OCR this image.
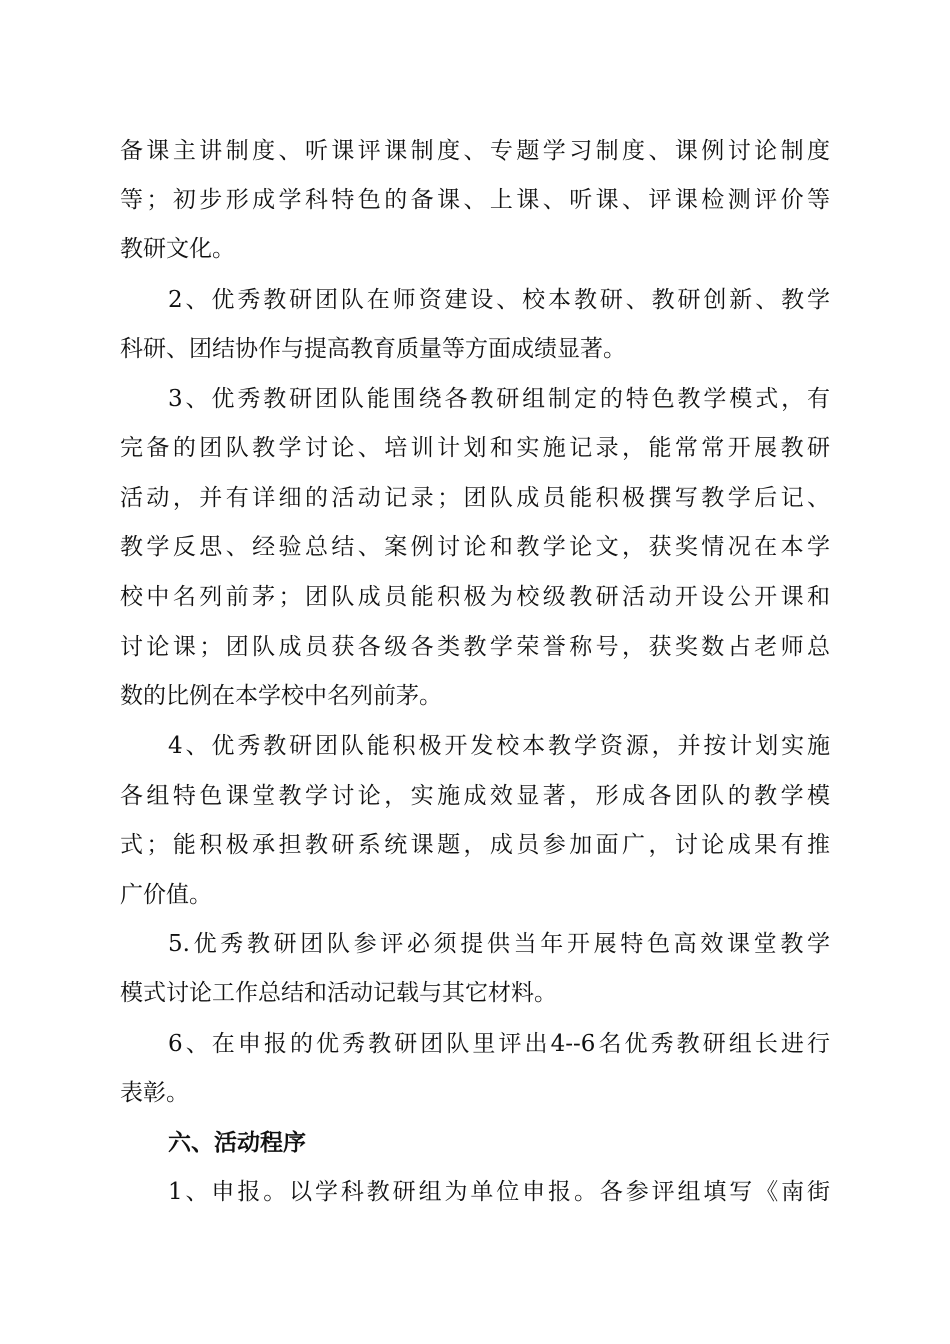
备课主讲制度、听课评课制度、专题学习制度、课例讨论制度
等；初步形成学科特色的备课、上课、听课、评课检测评价等
教研文化。
2、优秀教研团队在师资建设、校本教研、教研创新、教学
科研、团结协作与提高教育质量等方面成绩显著。
3、优秀教研团队能围绕各教研组制定的特色教学模式，有
完备的团队教学讨论、培训计划和实施记录，能常常开展教研
活动，并有详细的活动记录；团队成员能积极撰写教学后记、
教学反思、经验总结、案例讨论和教学论文，获奖情况在本学
校中名列前茅；团队成员能积极为校级教研活动开设公开课和
讨论课；团队成员获各级各类教学荣誉称号，获奖数占老师总
数的比例在本学校中名列前茅。
4、优秀教研团队能积极开发校本教学资源，并按计划实施
各组特色课堂教学讨论，实施成效显著，形成各团队的教学模
式；能积极承担教研系统课题，成员参加面广，讨论成果有推
广价值。
5.优秀教研团队参评必须提供当年开展特色高效课堂教学
模式讨论工作总结和活动记载与其它材料。
6、在申报的优秀教研团队里评出4--6名优秀教研组长进行
表彰。
六、活动程序
1、申报。以学科教研组为单位申报。各参评组填写《南街
